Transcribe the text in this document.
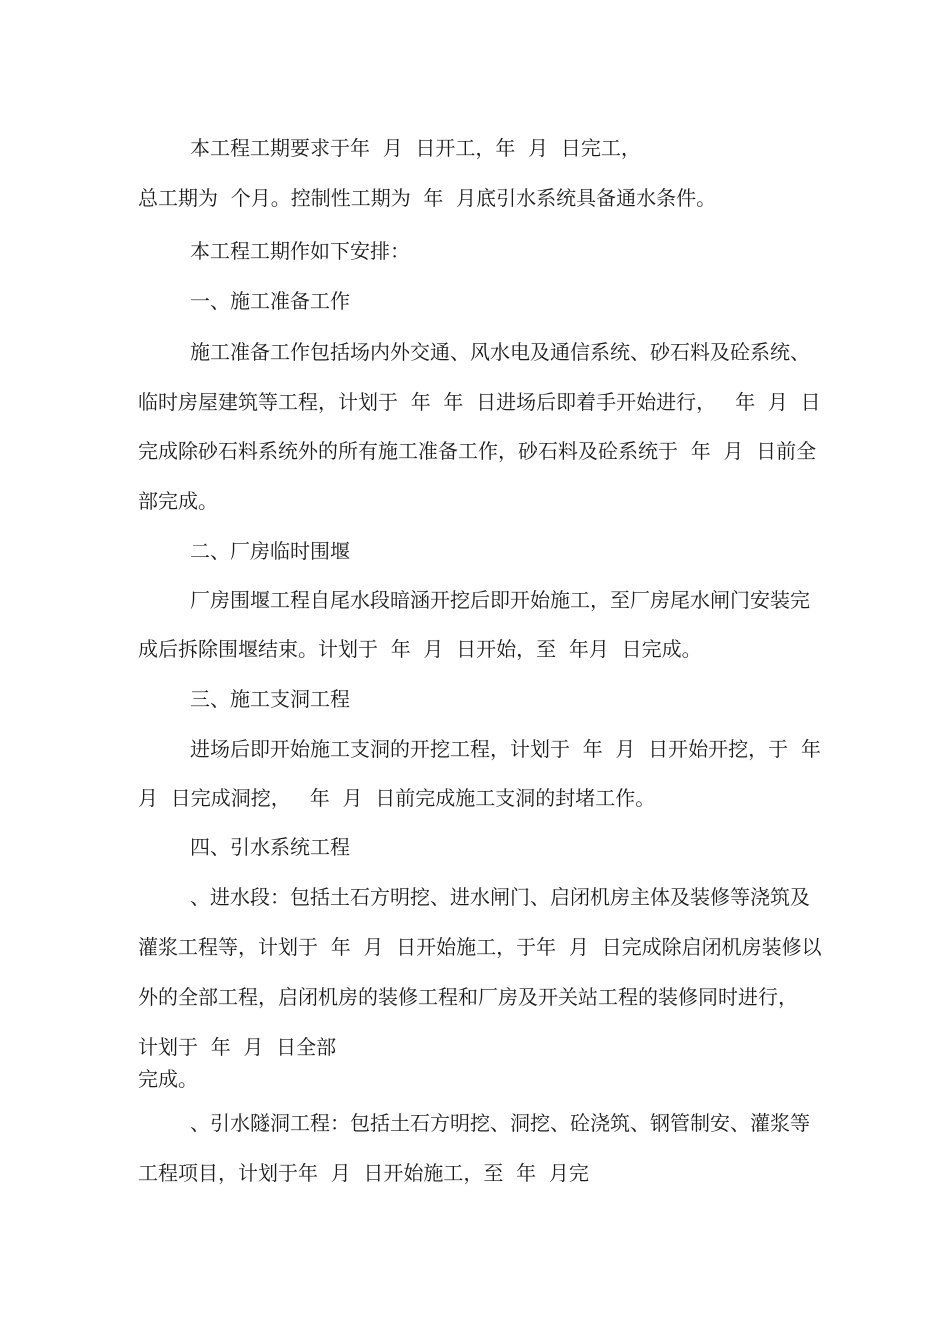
本工程工期要求于年  月  日开工，年  月  日完工，

总工期为  个月。控制性工期为  年  月底引水系统具备通水条件。

本工程工期作如下安排：

一、施工准备工作

施工准备工作包括场内外交通、风水电及通信系统、砂石料及砼系统、

临时房屋建筑等工程，计划于  年  年  日进场后即着手开始进行，   年  月  日

完成除砂石料系统外的所有施工准备工作，砂石料及砼系统于  年  月  日前全

部完成。

二、厂房临时围堰

厂房围堰工程自尾水段暗涵开挖后即开始施工，至厂房尾水闸门安装完

成后拆除围堰结束。计划于  年  月  日开始，至  年月  日完成。

三、施工支洞工程

进场后即开始施工支洞的开挖工程，计划于  年  月  日开始开挖，于  年

月  日完成洞挖，   年  月  日前完成施工支洞的封堵工作。

四、引水系统工程

、进水段：包括土石方明挖、进水闸门、启闭机房主体及装修等浇筑及

灌浆工程等，计划于  年  月  日开始施工，于年  月  日完成除启闭机房装修以

外的全部工程，启闭机房的装修工程和厂房及开关站工程的装修同时进行，

计划于  年  月  日全部

完成。

、引水隧洞工程：包括土石方明挖、洞挖、砼浇筑、钢管制安、灌浆等

工程项目，计划于年  月  日开始施工，至  年  月完
